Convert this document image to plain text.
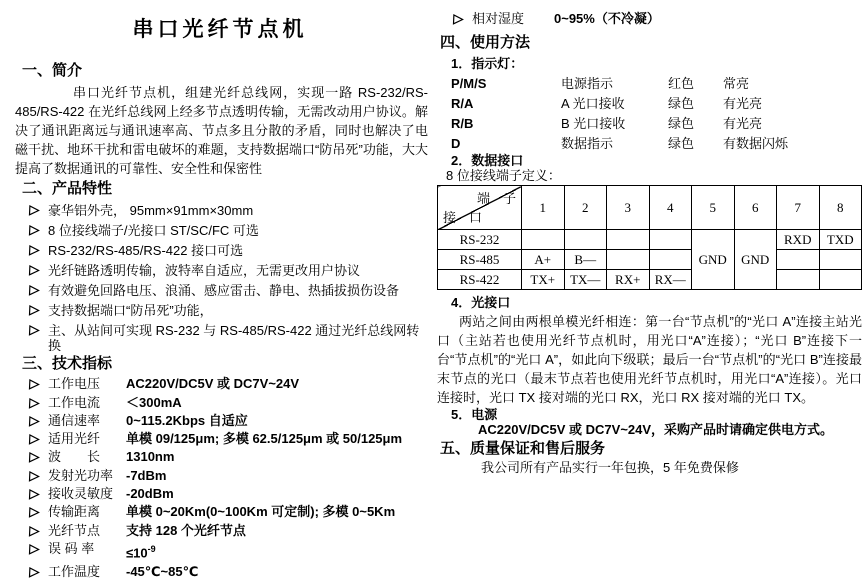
串口光纤节点机
一、简介

串口光纤节点机，组建光纤总线网，实现一路 RS-232/RS-485/RS-422 在光纤总线网上经多节点透明传输，无需改动用户协议。解决了通讯距离远与通讯速率高、节点多且分散的矛盾，同时也解决了电磁干扰、地环干扰和雷电破坏的难题，支持数据端口“防吊死”功能，大大提高了数据通讯的可靠性、安全性和保密性

二、产品特性
豪华铝外壳， 95mm×91mm×30mm
8 位接线端子/光接口 ST/SC/FC 可选
RS-232/RS-485/RS-422 接口可选
光纤链路透明传输，波特率自适应，无需更改用户协议
有效避免回路电压、浪涌、感应雷击、静电、热插拔损伤设备
支持数据端口“防吊死”功能，
主、从站间可实现 RS-232 与 RS-485/RS-422 通过光纤总线网转换
三、技术指标
工作电压	AC220V/DC5V 或 DC7V~24V
工作电流	＜300mA
通信速率	0~115.2Kbps 自适应
适用光纤	单模 09/125μm; 多模 62.5/125μm 或 50/125μm
波　　长	1310nm
发射光功率 -7dBm
接收灵敏度 -20dBm
传输距离	单模 0~20Km(0~100Km 可定制); 多模 0~5Km
光纤节点	支持 128 个光纤节点
误 码 率	$\le 10^{-9}$
工作温度	-45℃~85℃
相对湿度	0~95%（不冷凝）
四、使用方法
1．指示灯：
P/M/S	电源指示	红色	常亮
R/A	A 光口接收	绿色	有光亮
R/B	B 光口接收	绿色	有光亮
D	数据指示	绿色	有数据闪烁
2．数据接口
8 位接线端子定义：
端　子
接　口	1	2	3	4	5	6	7	8
RS-232					GND	GND	RXD	TXD
RS-485	A+	B—						
RS-422	TX+	TX—	RX+	RX—				
4．光接口

两站之间由两根单模光纤相连：第一台“节点机”的“光口 A”连接主站光口（主站若也使用光纤节点机时，用光口“A”连接）；“光口 B”连接下一台“节点机”的“光口 A”，如此向下级联；最后一台“节点机”的“光口 B”连接最末节点的光口（最末节点若也使用光纤节点机时，用光口“A”连接）。光口连接时，光口 TX 接对端的光口 RX，光口 RX 接对端的光口 TX。

5．电源

AC220V/DC5V 或 DC7V~24V，采购产品时请确定供电方式。

五、质量保证和售后服务

我公司所有产品实行一年包换，5 年免费保修
